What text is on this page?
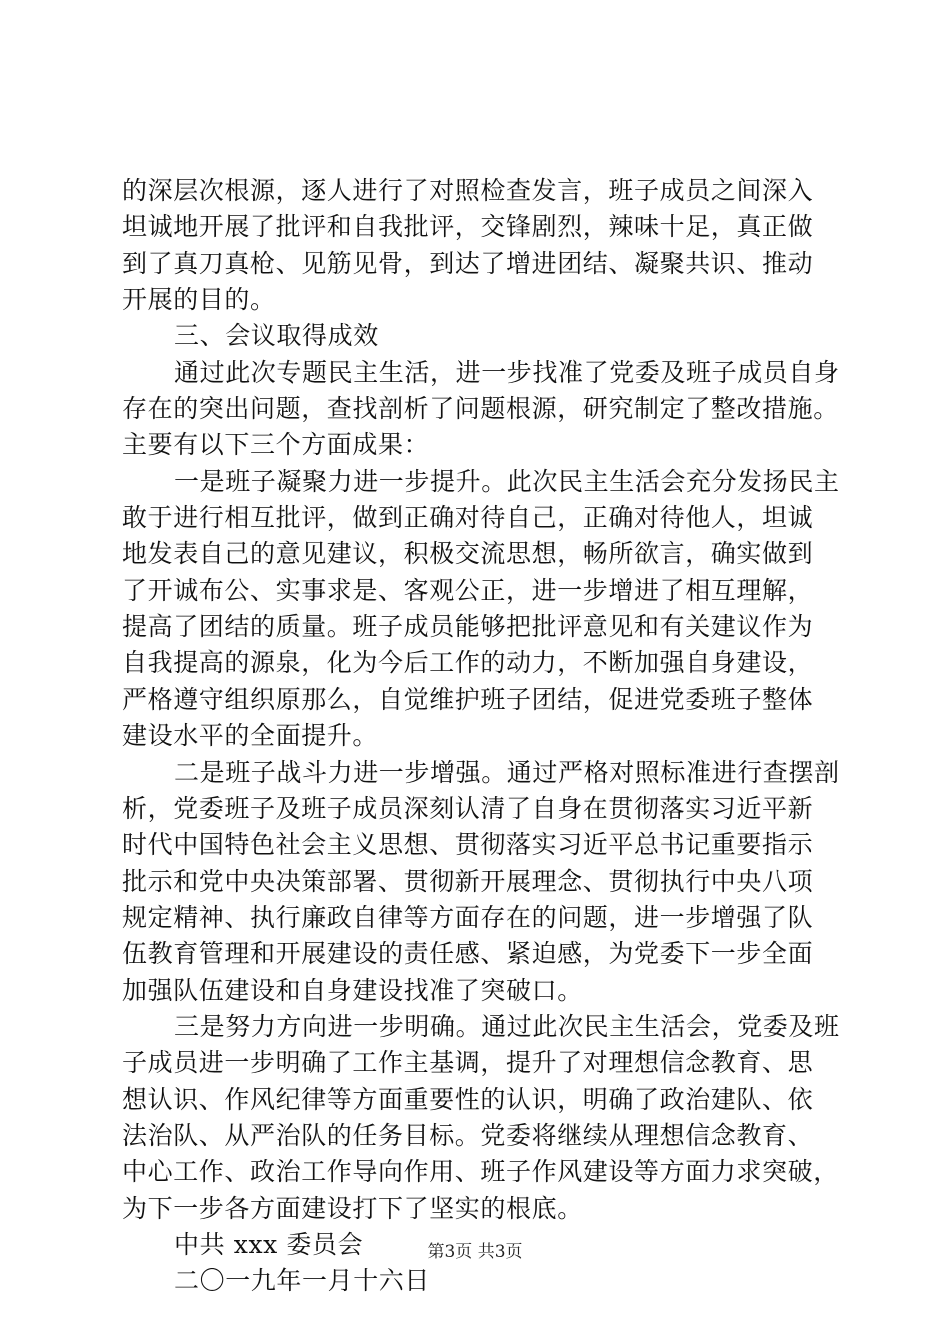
的深层次根源，逐人进行了对照检查发言，班子成员之间深入
坦诚地开展了批评和自我批评，交锋剧烈，辣味十足，真正做
到了真刀真枪、见筋见骨，到达了增进团结、凝聚共识、推动
开展的目的。
三、会议取得成效
通过此次专题民主生活，进一步找准了党委及班子成员自身
存在的突出问题，查找剖析了问题根源，研究制定了整改措施。
主要有以下三个方面成果：
一是班子凝聚力进一步提升。此次民主生活会充分发扬民主
敢于进行相互批评，做到正确对待自己，正确对待他人，坦诚
地发表自己的意见建议，积极交流思想，畅所欲言，确实做到
了开诚布公、实事求是、客观公正，进一步增进了相互理解，
提高了团结的质量。班子成员能够把批评意见和有关建议作为
自我提高的源泉，化为今后工作的动力，不断加强自身建设，
严格遵守组织原那么，自觉维护班子团结，促进党委班子整体
建设水平的全面提升。
二是班子战斗力进一步增强。通过严格对照标准进行查摆剖
析，党委班子及班子成员深刻认清了自身在贯彻落实习近平新
时代中国特色社会主义思想、贯彻落实习近平总书记重要指示
批示和党中央决策部署、贯彻新开展理念、贯彻执行中央八项
规定精神、执行廉政自律等方面存在的问题，进一步增强了队
伍教育管理和开展建设的责任感、紧迫感，为党委下一步全面
加强队伍建设和自身建设找准了突破口。
三是努力方向进一步明确。通过此次民主生活会，党委及班
子成员进一步明确了工作主基调，提升了对理想信念教育、思
想认识、作风纪律等方面重要性的认识，明确了政治建队、依
法治队、从严治队的任务目标。党委将继续从理想信念教育、
中心工作、政治工作导向作用、班子作风建设等方面力求突破，
为下一步各方面建设打下了坚实的根底。
中共 xxx 委员会
二〇一九年一月十六日
第3页 共3页
